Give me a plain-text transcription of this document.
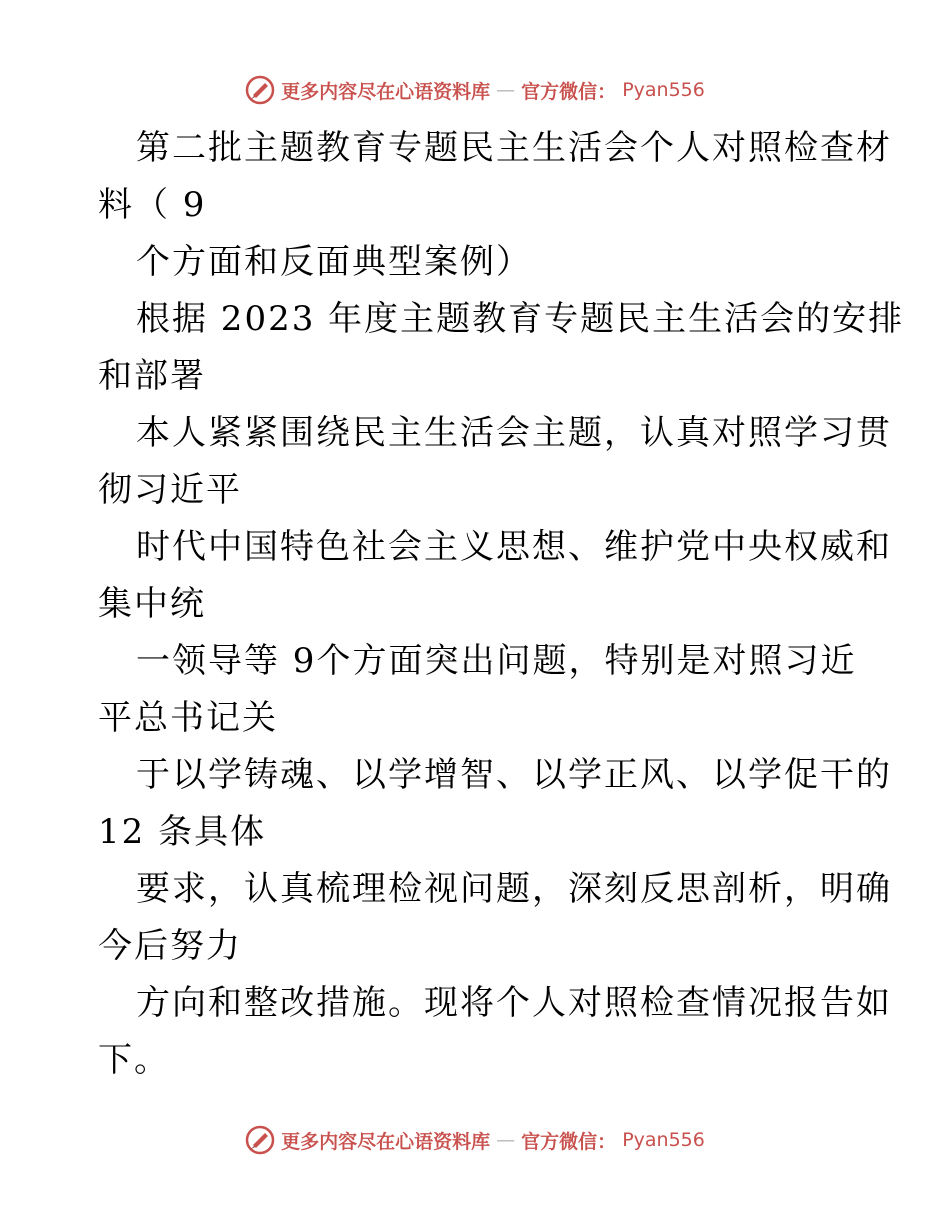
更多内容尽在心语资料库 — 官方微信： Pyan556
第二批主题教育专题民主生活会个人对照检查材
料（ 9
个方面和反面典型案例）
根据 2023 年度主题教育专题民主生活会的安排
和部署
本人紧紧围绕民主生活会主题，认真对照学习贯
彻习近平
时代中国特色社会主义思想、维护党中央权威和
集中统
一领导等 9个方面突出问题，特别是对照习近
平总书记关
于以学铸魂、以学增智、以学正风、以学促干的
12 条具体
要求，认真梳理检视问题，深刻反思剖析，明确
今后努力
方向和整改措施。现将个人对照检查情况报告如
下。
更多内容尽在心语资料库 — 官方微信： Pyan556
